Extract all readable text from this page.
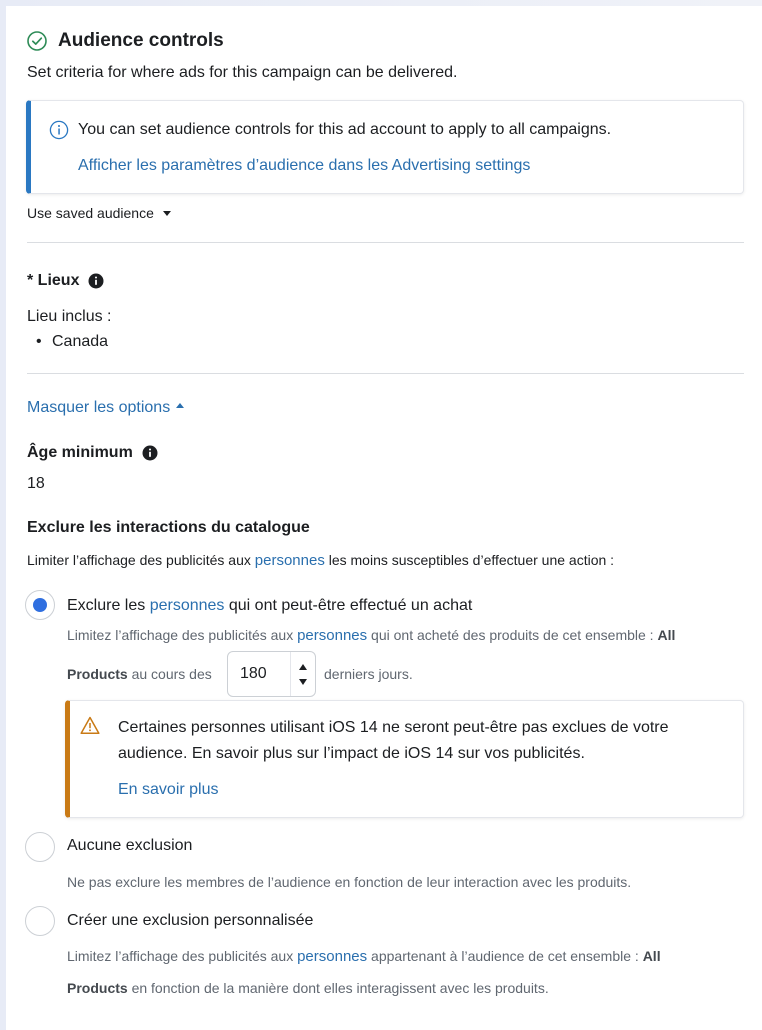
Audience controls
Set criteria for where ads for this campaign can be delivered.
You can set audience controls for this ad account to apply to all campaigns.
Afficher les paramètres d’audience dans les Advertising settings
Use saved audience
* Lieux
Lieu inclus :
• Canada
Masquer les options
Âge minimum
18
Exclure les interactions du catalogue
Limiter l’affichage des publicités aux personnes les moins susceptibles d’effectuer une action :
Exclure les personnes qui ont peut-être effectué un achat
Limitez l’affichage des publicités aux personnes qui ont acheté des produits de cet ensemble : All
Products au cours des 180	derniers jours.
Certaines personnes utilisant iOS 14 ne seront peut-être pas exclues de votre audience. En savoir plus sur l’impact de iOS 14 sur vos publicités.
En savoir plus
Aucune exclusion
Ne pas exclure les membres de l’audience en fonction de leur interaction avec les produits.
Créer une exclusion personnalisée
Limitez l’affichage des publicités aux personnes appartenant à l’audience de cet ensemble : All
Products en fonction de la manière dont elles interagissent avec les produits.
